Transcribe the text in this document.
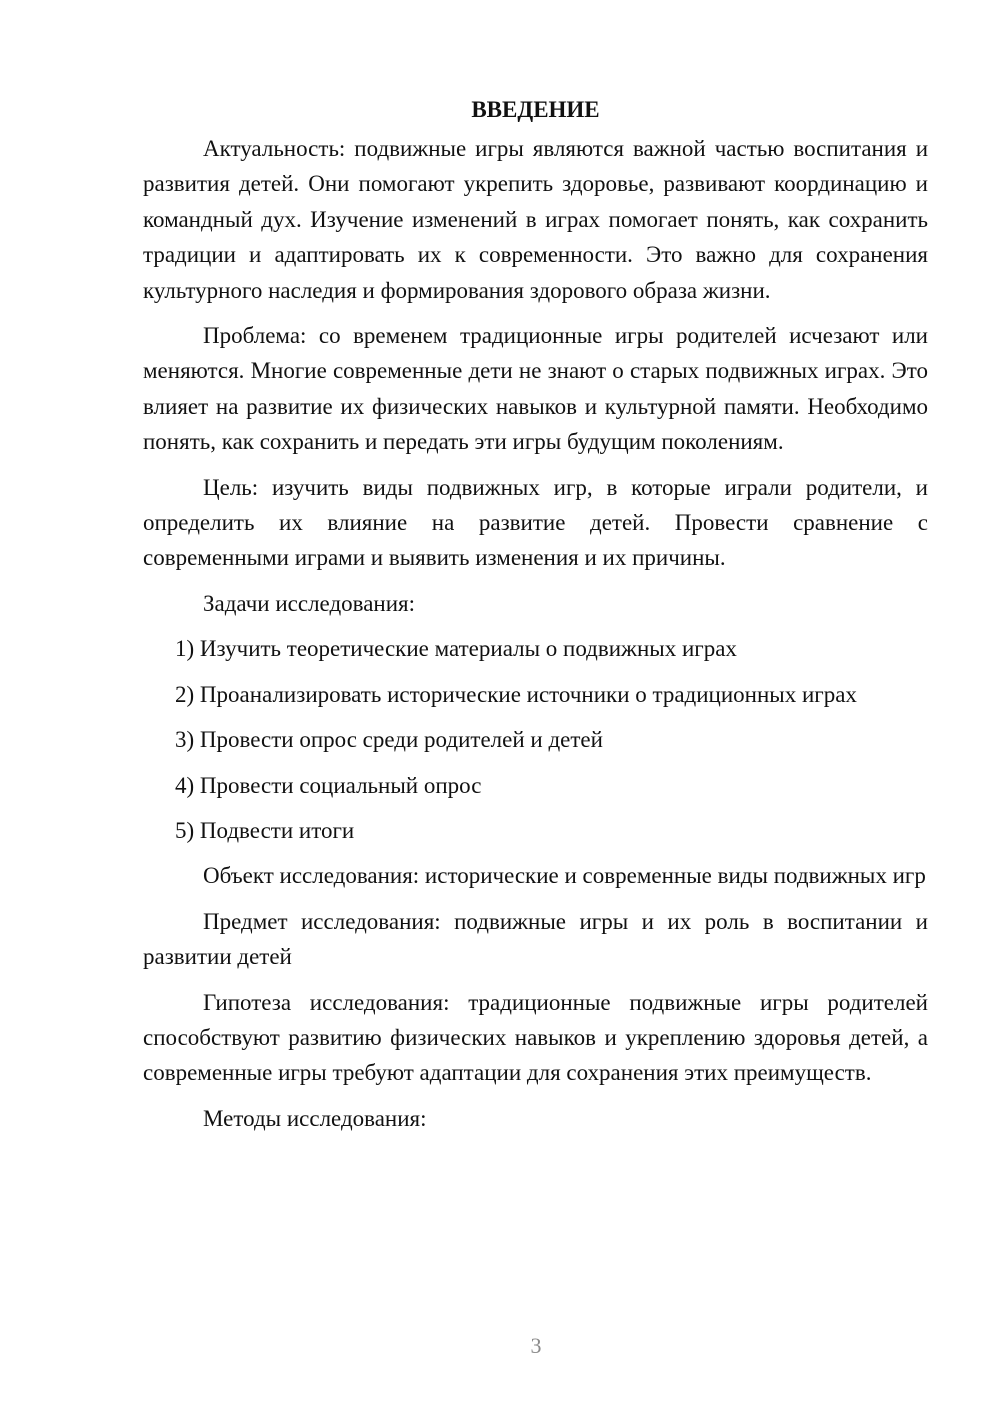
ВВЕДЕНИЕ

Актуальность: подвижные игры являются важной частью воспитания и развития детей. Они помогают укрепить здоровье, развивают координацию и командный дух. Изучение изменений в играх помогает понять, как сохранить традиции и адаптировать их к современности. Это важно для сохранения культурного наследия и формирования здорового образа жизни.

Проблема: со временем традиционные игры родителей исчезают или меняются. Многие современные дети не знают о старых подвижных играх. Это влияет на развитие их физических навыков и культурной памяти. Необходимо понять, как сохранить и передать эти игры будущим поколениям.

Цель: изучить виды подвижных игр, в которые играли родители, и определить их влияние на развитие детей. Провести сравнение с современными играми и выявить изменения и их причины.

Задачи исследования:

1) Изучить теоретические материалы о подвижных играх
2) Проанализировать исторические источники о традиционных играх
3) Провести опрос среди родителей и детей
4) Провести социальный опрос
5) Подвести итоги

Объект исследования: исторические и современные виды подвижных игр

Предмет исследования: подвижные игры и их роль в воспитании и развитии детей

Гипотеза исследования: традиционные подвижные игры родителей способствуют развитию физических навыков и укреплению здоровья детей, а современные игры требуют адаптации для сохранения этих преимуществ.

Методы исследования:

3
